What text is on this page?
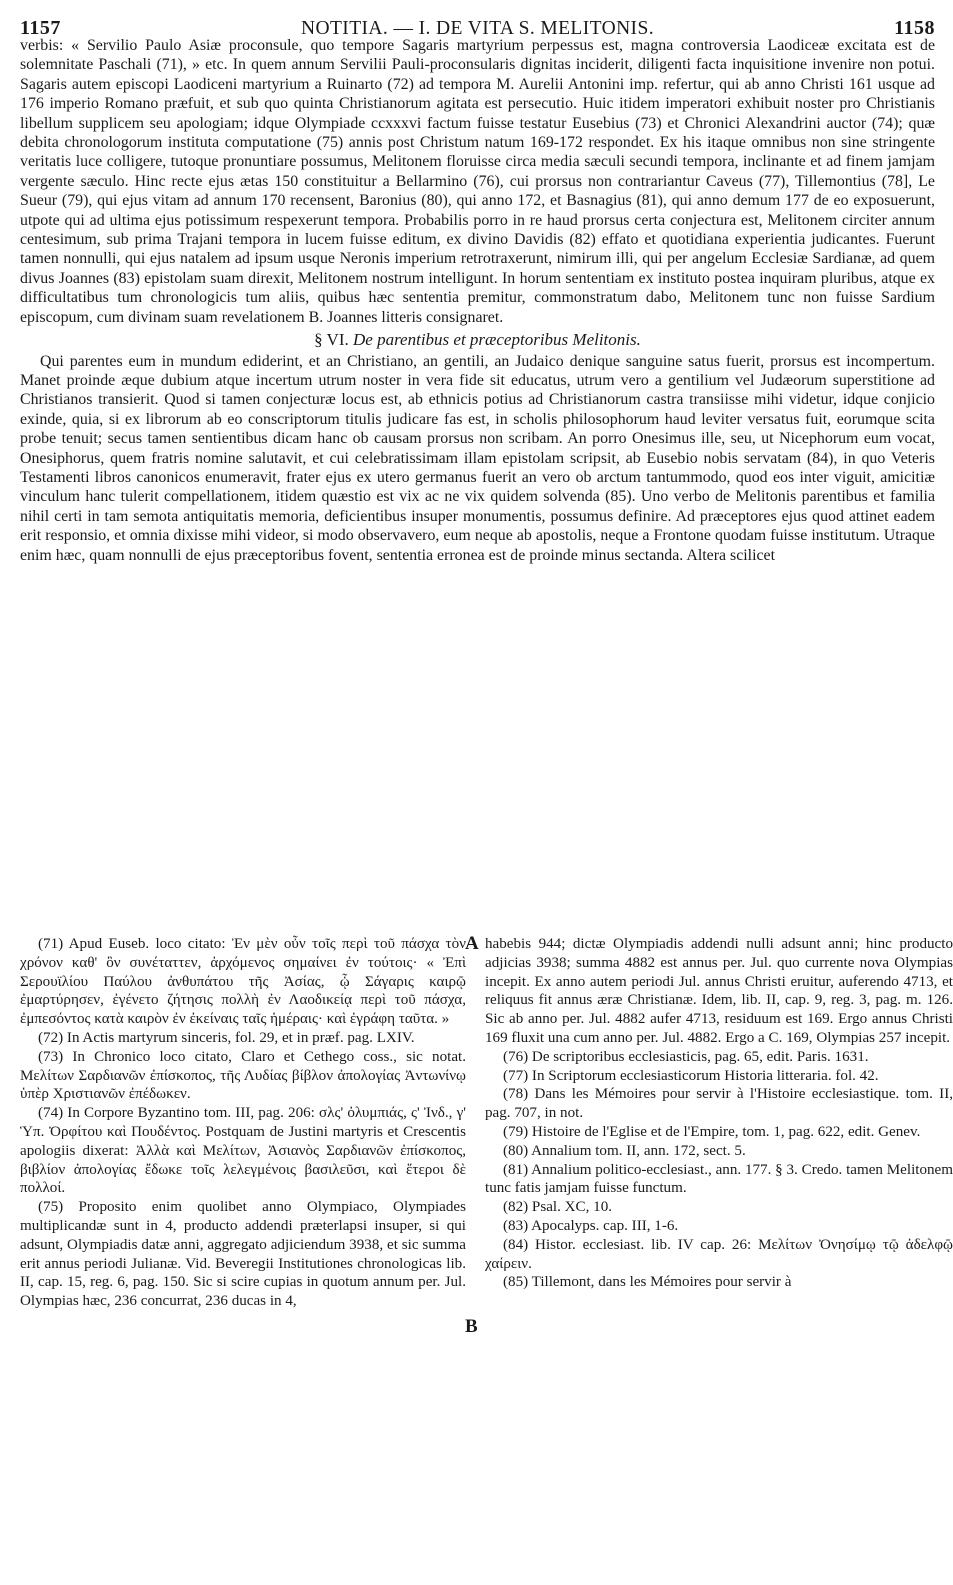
1157	NOTITIA. — I. DE VITA S. MELITONIS.	1158

verbis: « Servilio Paulo Asiæ proconsule, quo tempore Sagaris martyrium perpessus est, magna controversia Laodiceæ excitata est de solemnitate Paschali (71), » etc. In quem annum Servilii Pauli-proconsularis dignitas inciderit, diligenti facta inquisitione invenire non potui. Sagaris autem episcopi Laodiceni martyrium a Ruinarto (72) ad tempora M. Aurelii Antonini imp. refertur, qui ab anno Christi 161 usque ad 176 imperio Romano præfuit, et sub quo quinta Christianorum agitata est persecutio. Huic itidem imperatori exhibuit noster pro Christianis libellum supplicem seu apologiam; idque Olympiade ccxxxvi factum fuisse testatur Eusebius (73) et Chronici Alexandrini auctor (74); quæ debita chronologorum instituta computatione (75) annis post Christum natum 169-172 respondet. Ex his itaque omnibus non sine stringente veritatis luce colligere, tutoque pronuntiare possumus, Melitonem floruisse circa media sæculi secundi tempora, inclinante et ad finem jamjam vergente sæculo. Hinc recte ejus ætas 150 constituitur a Bellarmino (76), cui prorsus non contrariantur Caveus (77), Tillemontius (78], Le Sueur (79), qui ejus vitam ad annum 170 recensent, Baronius (80), qui anno 172, et Basnagius (81), qui anno demum 177 de eo exposuerunt, utpote qui ad ultima ejus potissimum respexerunt tempora. Probabilis porro in re haud prorsus certa conjectura est, Melitonem circiter annum centesimum, sub prima Trajani tempora in lucem fuisse editum, ex divino Davidis (82) effato et quotidiana experientia judicantes. Fuerunt tamen nonnulli, qui ejus natalem ad ipsum usque Neronis imperium retrotraxerunt, nimirum illi, qui per angelum Ecclesiæ Sardianæ, ad quem divus Joannes (83) epistolam suam direxit, Melitonem nostrum intelligunt. In horum sententiam ex instituto postea inquiram pluribus, atque ex difficultatibus tum chronologicis tum aliis, quibus hæc sententia premitur, commonstratum dabo, Melitonem tunc non fuisse Sardium episcopum, cum divinam suam revelationem B. Joannes litteris consignaret.

§ VI. De parentibus et præceptoribus Melitonis.

Qui parentes eum in mundum ediderint, et an Christiano, an gentili, an Judaico denique sanguine satus fuerit, prorsus est incompertum. Manet proinde æque dubium atque incertum utrum noster in vera fide sit educatus, utrum vero a gentilium vel Judæorum superstitione ad Christianos transierit. Quod si tamen conjecturæ locus est, ab ethnicis potius ad Christianorum castra transiisse mihi videtur, idque conjicio exinde, quia, si ex librorum ab eo conscriptorum titulis judicare fas est, in scholis philosophorum haud leviter versatus fuit, eorumque scita probe tenuit; secus tamen sentientibus dicam hanc ob causam prorsus non scribam. An porro Onesimus ille, seu, ut Nicephorum eum vocat, Onesiphorus, quem fratris nomine salutavit, et cui celebratissimam illam epistolam scripsit, ab Eusebio nobis servatam (84), in quo Veteris Testamenti libros canonicos enumeravit, frater ejus ex utero germanus fuerit an vero ob arctum tantummodo, quod eos inter viguit, amicitiæ vinculum hanc tulerit compellationem, itidem quæstio est vix ac ne vix quidem solvenda (85). Uno verbo de Melitonis parentibus et familia nihil certi in tam semota antiquitatis memoria, deficientibus insuper monumentis, possumus definire. Ad præceptores ejus quod attinet eadem erit responsio, et omnia dixisse mihi videor, si modo observavero, eum neque ab apostolis, neque a Frontone quodam fuisse institutum. Utraque enim hæc, quam nonnulli de ejus præceptoribus fovent, sententia erronea est de proinde minus sectanda. Altera scilicet

(71) Apud Euseb. loco citato: Ἐν μὲν οὖν τοῖς περὶ τοῦ πάσχα τὸν χρόνον καθ' ὃν συνέταττεν, ἀρχόμενος σημαίνει ἐν τούτοις· « Ἐπὶ Σερουϊλίου Παύλου ἀνθυπάτου τῆς Ἀσίας, ᾧ Σάγαρις καιρῷ ἐμαρτύρησεν, ἐγένετο ζήτησις πολλὴ ἐν Λαοδικείᾳ περὶ τοῦ πάσχα, ἐμπεσόντος κατὰ καιρὸν ἐν ἐκείναις ταῖς ἡμέραις· καὶ ἐγράφη ταῦτα. »

(72) In Actis martyrum sinceris, fol. 29, et in præf. pag. LXIV.

(73) In Chronico loco citato, Claro et Cethego coss., sic notat. Μελίτων Σαρδιανῶν ἐπίσκοπος, τῆς Λυδίας βίβλον ἀπολογίας Ἀντωνίνῳ ὑπὲρ Χριστιανῶν ἐπέδωκεν.

(74) In Corpore Byzantino tom. III, pag. 206: σλς' ὀλυμπιάς, ς' Ἰνδ., γ' Ὑπ. Ὀρφίτου καὶ Πουδέντος. Postquam de Justini martyris et Crescentis apologiis dixerat: Ἀλλὰ καὶ Μελίτων, Ἀσιανὸς Σαρδιανῶν ἐπίσκοπος, βιβλίον ἀπολογίας ἔδωκε τοῖς λελεγμένοις βασιλεῦσι, καὶ ἕτεροι δὲ πολλοί.

(75) Proposito enim quolibet anno Olympiaco, Olympiades multiplicandæ sunt in 4, producto addendi præterlapsi insuper, si qui adsunt, Olympiadis datæ anni, aggregato adjiciendum 3938, et sic summa erit annus periodi Julianæ. Vid. Beveregii Institutiones chronologicas lib. II, cap. 15, reg. 6, pag. 150. Sic si scire cupias in quotum annum per. Jul. Olympias hæc, 236 concurrat, 236 ducas in 4,

A
B

habebis 944; dictæ Olympiadis addendi nulli adsunt anni; hinc producto adjicias 3938; summa 4882 est annus per. Jul. quo currente nova Olympias incepit. Ex anno autem periodi Jul. annus Christi eruitur, auferendo 4713, et reliquus fit annus æræ Christianæ. Idem, lib. II, cap. 9, reg. 3, pag. m. 126. Sic ab anno per. Jul. 4882 aufer 4713, residuum est 169. Ergo annus Christi 169 fluxit una cum anno per. Jul. 4882. Ergo a C. 169, Olympias 257 incepit.

(76) De scriptoribus ecclesiasticis, pag. 65, edit. Paris. 1631.

(77) In Scriptorum ecclesiasticorum Historia litteraria. fol. 42.

(78) Dans les Mémoires pour servir à l'Histoire ecclesiastique. tom. II, pag. 707, in not.

(79) Histoire de l'Eglise et de l'Empire, tom. 1, pag. 622, edit. Genev.

(80) Annalium tom. II, ann. 172, sect. 5.

(81) Annalium politico-ecclesiast., ann. 177. § 3. Credo. tamen Melitonem tunc fatis jamjam fuisse functum.

(82) Psal. XC, 10.

(83) Apocalyps. cap. III, 1-6.

(84) Histor. ecclesiast. lib. IV cap. 26: Μελίτων Ὀνησίμῳ τῷ ἀδελφῷ χαίρειν.

(85) Tillemont, dans les Mémoires pour servir à
